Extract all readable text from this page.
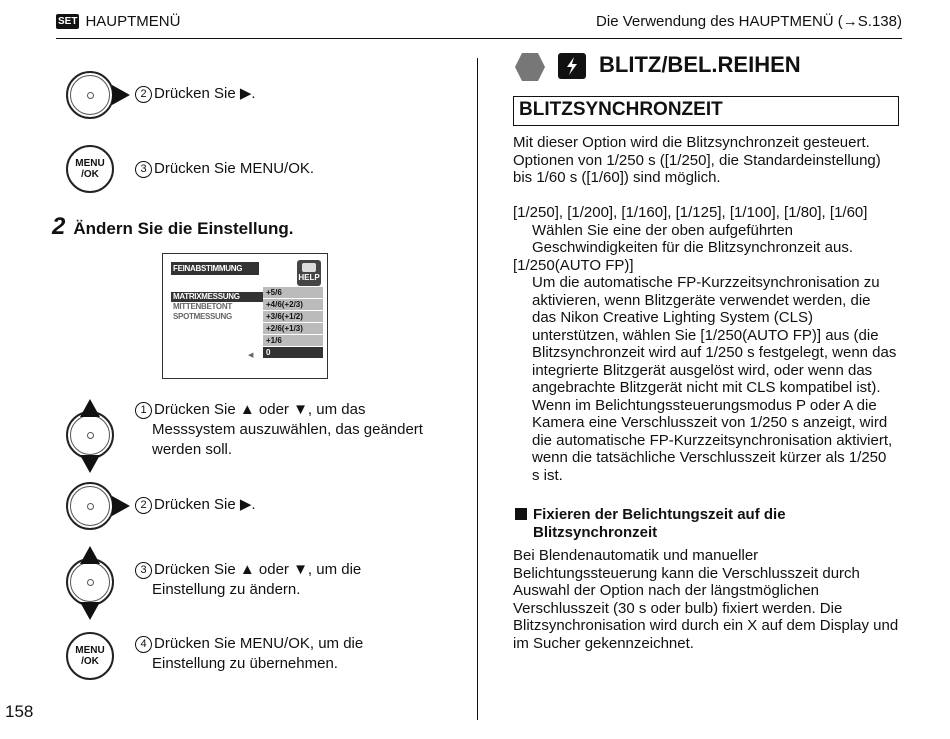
SET HAUPTMENÜ	Die Verwendung des HAUPTMENÜ (→S.138)
158
2 Drücken Sie ▶.
MENU
/OK	3 Drücken Sie MENU/OK.
2 Ändern Sie die Einstellung.
FEINABSTIMMUNG
HELP
MATRIXMESSUNG
MITTENBETONT
SPOTMESSUNG
+5/6
+4/6(+2/3)
+3/6(+1/2)
+2/6(+1/3)
+1/6
0
◀
1 Drücken Sie ▲ oder ▼, um das
Messsystem auszuwählen, das geändert
werden soll.
2 Drücken Sie ▶.
3 Drücken Sie ▲ oder ▼, um die
Einstellung zu ändern.
MENU
/OK
4 Drücken Sie MENU/OK, um die
Einstellung zu übernehmen.
BLITZ/BEL.REIHEN
BLITZSYNCHRONZEIT
Mit dieser Option wird die Blitzsynchronzeit gesteuert.
Optionen von 1/250 s ([1/250], die Standardeinstellung)
bis 1/60 s ([1/60]) sind möglich.
[1/250], [1/200], [1/160], [1/125], [1/100], [1/80], [1/60]
Wählen Sie eine der oben aufgeführten
Geschwindigkeiten für die Blitzsynchronzeit aus.
[1/250(AUTO FP)]
Um die automatische FP-Kurzzeitsynchronisation zu
aktivieren, wenn Blitzgeräte verwendet werden, die
das Nikon Creative Lighting System (CLS)
unterstützen, wählen Sie [1/250(AUTO FP)] aus (die
Blitzsynchronzeit wird auf 1/250 s festgelegt, wenn das
integrierte Blitzgerät ausgelöst wird, oder wenn das
angebrachte Blitzgerät nicht mit CLS kompatibel ist).
Wenn im Belichtungssteuerungsmodus P oder A die
Kamera eine Verschlusszeit von 1/250 s anzeigt, wird
die automatische FP-Kurzzeitsynchronisation aktiviert,
wenn die tatsächliche Verschlusszeit kürzer als 1/250
s ist.
Fixieren der Belichtungszeit auf die
Blitzsynchronzeit
Bei Blendenautomatik und manueller
Belichtungssteuerung kann die Verschlusszeit durch
Auswahl der Option nach der längstmöglichen
Verschlusszeit (30 s oder bulb) fixiert werden. Die
Blitzsynchronisation wird durch ein X auf dem Display und
im Sucher gekennzeichnet.
